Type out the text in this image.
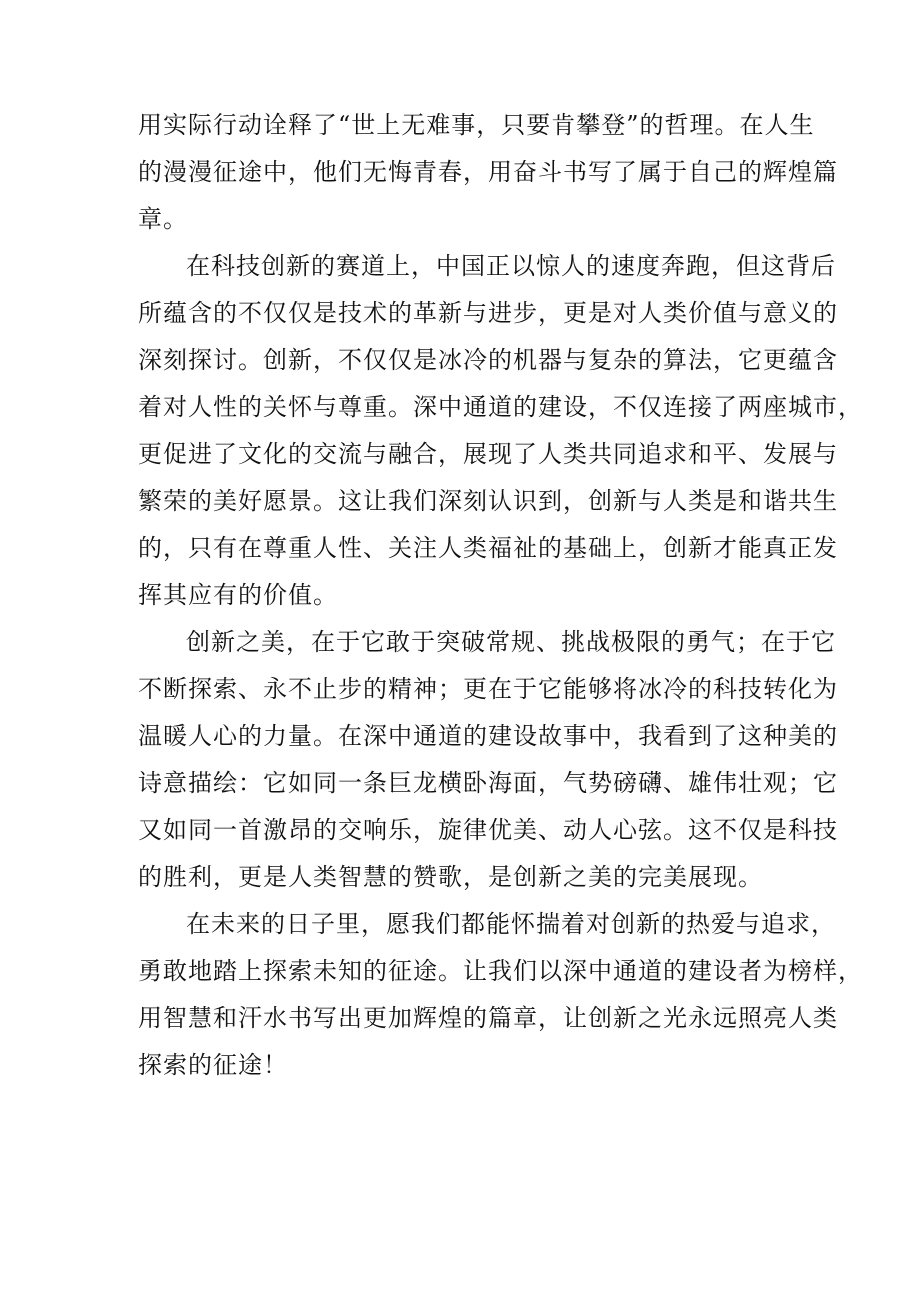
用实际行动诠释了“世上无难事，只要肯攀登”的哲理。在人生
的漫漫征途中，他们无悔青春，用奋斗书写了属于自己的辉煌篇
章。
在科技创新的赛道上，中国正以惊人的速度奔跑，但这背后
所蕴含的不仅仅是技术的革新与进步，更是对人类价值与意义的
深刻探讨。创新，不仅仅是冰冷的机器与复杂的算法，它更蕴含
着对人性的关怀与尊重。深中通道的建设，不仅连接了两座城市，
更促进了文化的交流与融合，展现了人类共同追求和平、发展与
繁荣的美好愿景。这让我们深刻认识到，创新与人类是和谐共生
的，只有在尊重人性、关注人类福祉的基础上，创新才能真正发
挥其应有的价值。
创新之美，在于它敢于突破常规、挑战极限的勇气；在于它
不断探索、永不止步的精神；更在于它能够将冰冷的科技转化为
温暖人心的力量。在深中通道的建设故事中，我看到了这种美的
诗意描绘：它如同一条巨龙横卧海面，气势磅礴、雄伟壮观；它
又如同一首激昂的交响乐，旋律优美、动人心弦。这不仅是科技
的胜利，更是人类智慧的赞歌，是创新之美的完美展现。
在未来的日子里，愿我们都能怀揣着对创新的热爱与追求，
勇敢地踏上探索未知的征途。让我们以深中通道的建设者为榜样，
用智慧和汗水书写出更加辉煌的篇章，让创新之光永远照亮人类
探索的征途！
